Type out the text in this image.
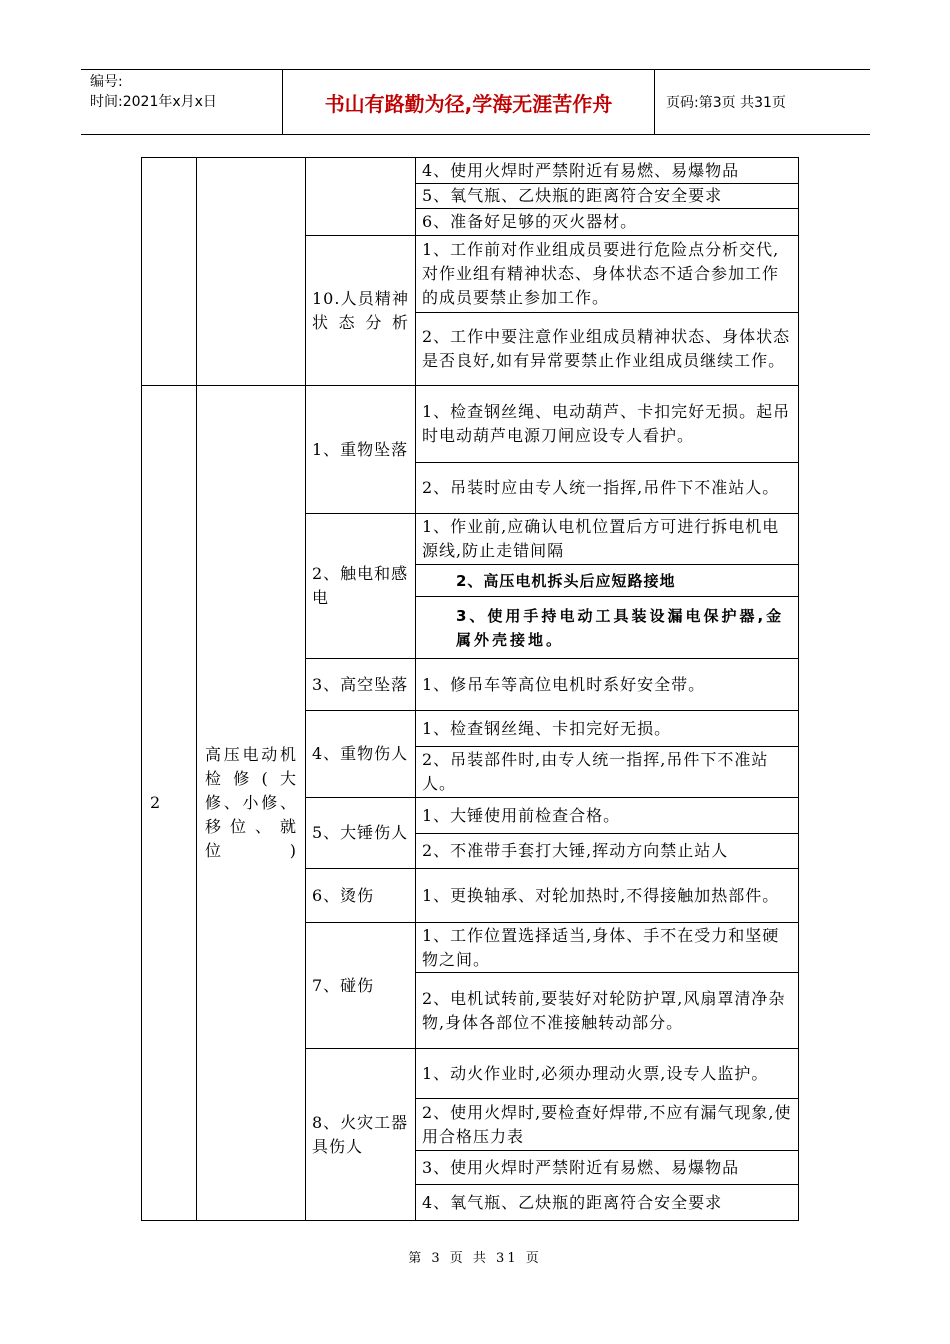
编号:
时间:2021年x月x日	书山有路勤为径,学海无涯苦作舟	页码:第3页 共31页
			4、使用火焊时严禁附近有易燃、易爆物品
			5、氧气瓶、乙炔瓶的距离符合安全要求
			6、准备好足够的灭火器材。
		10.人员精神状态分析	1、工作前对作业组成员要进行危险点分析交代,对作业组有精神状态、身体状态不适合参加工作的成员要禁止参加工作。
			2、工作中要注意作业组成员精神状态、身体状态是否良好,如有异常要禁止作业组成员继续工作。
2	高压电动机检修(大修、小修、移位、就位)	1、重物坠落	1、检查钢丝绳、电动葫芦、卡扣完好无损。起吊时电动葫芦电源刀闸应设专人看护。
			2、吊装时应由专人统一指挥,吊件下不准站人。
		2、触电和感电	1、作业前,应确认电机位置后方可进行拆电机电源线,防止走错间隔
			2、高压电机拆头后应短路接地
			3、使用手持电动工具装设漏电保护器,金属外壳接地。
		3、高空坠落	1、修吊车等高位电机时系好安全带。
		4、重物伤人	1、检查钢丝绳、卡扣完好无损。
			2、吊装部件时,由专人统一指挥,吊件下不准站人。
		5、大锤伤人	1、大锤使用前检查合格。
			2、不准带手套打大锤,挥动方向禁止站人
		6、烫伤	1、更换轴承、对轮加热时,不得接触加热部件。
		7、碰伤	1、工作位置选择适当,身体、手不在受力和坚硬物之间。
			2、电机试转前,要装好对轮防护罩,风扇罩清净杂物,身体各部位不准接触转动部分。
		8、火灾工器具伤人	1、动火作业时,必须办理动火票,设专人监护。
			2、使用火焊时,要检查好焊带,不应有漏气现象,使用合格压力表
			3、使用火焊时严禁附近有易燃、易爆物品
			4、氧气瓶、乙炔瓶的距离符合安全要求
第 3 页 共 31 页
